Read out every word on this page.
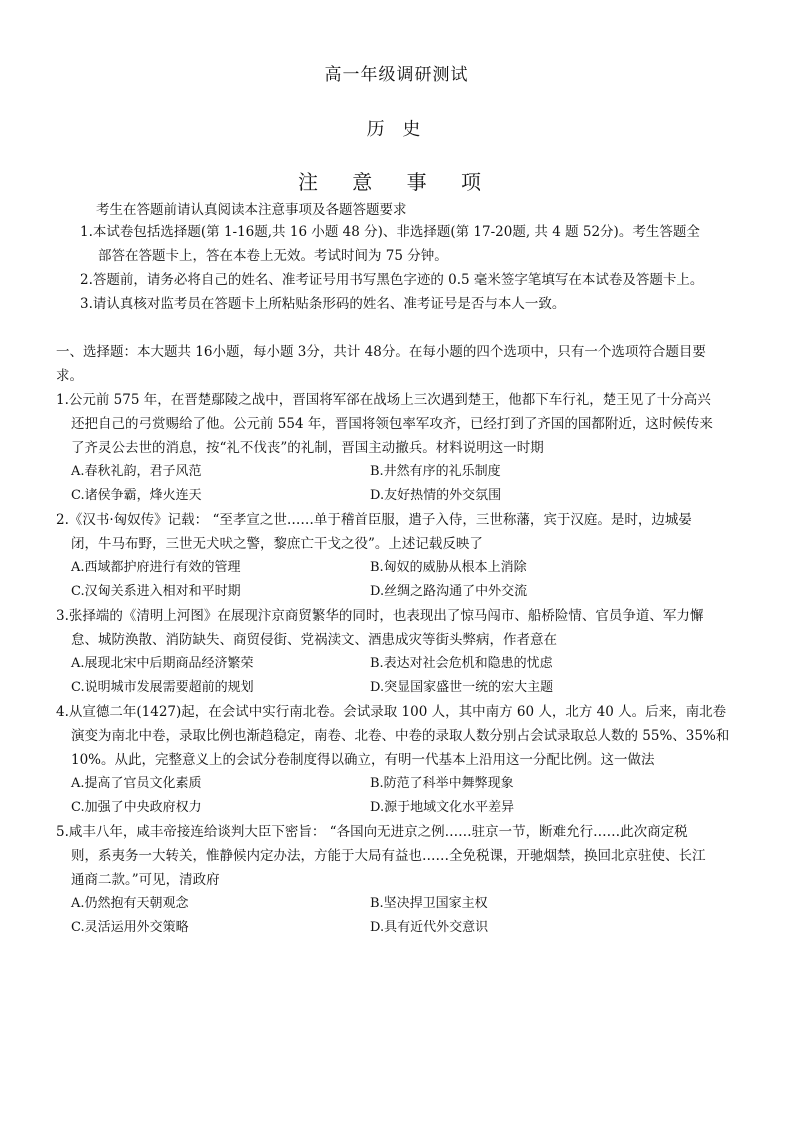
高一年级调研测试
历 史
注 意 事 项
考生在答题前请认真阅读本注意事项及各题答题要求

1.本试卷包括选择题(第 1-16题,共 16 小题 48 分)、非选择题(第 17-20题, 共 4 题 52分)。考生答题全
部答在答题卡上，答在本卷上无效。考试时间为 75 分钟。

2.答题前，请务必将自己的姓名、准考证号用书写黑色字迹的 0.5 毫米签字笔填写在本试卷及答题卡上。

3.请认真核对监考员在答题卡上所粘贴条形码的姓名、准考证号是否与本人一致。

一、选择题：本大题共 16小题，每小题 3分，共计 48分。在每小题的四个选项中，只有一个选项符合题目要
求。
1.公元前 575 年，在晋楚鄢陵之战中，晋国将军郤在战场上三次遇到楚王，他都下车行礼，楚王见了十分高兴
还把自己的弓赏赐给了他。公元前 554 年，晋国将领包率军攻齐，已经打到了齐国的国都附近，这时候传来
了齐灵公去世的消息，按“礼不伐丧”的礼制，晋国主动撤兵。材料说明这一时期
A.春秋礼韵，君子风范	B.井然有序的礼乐制度
C.诸侯争霸，烽火连天	D.友好热情的外交氛围
2.《汉书·匈奴传》记载： “至孝宣之世……单于稽首臣服，遣子入侍，三世称藩，宾于汉庭。是时，边城晏
闭，牛马布野，三世无犬吠之警，黎庶亡干戈之役”。上述记载反映了
A.西域都护府进行有效的管理	B.匈奴的威胁从根本上消除
C.汉匈关系进入相对和平时期	D.丝绸之路沟通了中外交流
3.张择端的《清明上河图》在展现汴京商贸繁华的同时，也表现出了惊马闯市、船桥险情、官员争道、军力懈
怠、城防涣散、消防缺失、商贸侵街、党祸渎文、酒患成灾等街头弊病，作者意在
A.展现北宋中后期商品经济繁荣	B.表达对社会危机和隐患的忧虑
C.说明城市发展需要超前的规划	D.突显国家盛世一统的宏大主题
4.从宣德二年(1427)起，在会试中实行南北卷。会试录取 100 人，其中南方 60 人，北方 40 人。后来，南北卷
演变为南北中卷，录取比例也渐趋稳定，南卷、北卷、中卷的录取人数分别占会试录取总人数的 55%、35%和
10%。从此，完整意义上的会试分卷制度得以确立，有明一代基本上沿用这一分配比例。这一做法
A.提高了官员文化素质	B.防范了科举中舞弊现象
C.加强了中央政府权力	D.源于地域文化水平差异
5.咸丰八年，咸丰帝接连给谈判大臣下密旨： “各国向无进京之例……驻京一节，断难允行……此次商定税
则，系夷务一大转关，惟静候内定办法，方能于大局有益也……全免税课，开驰烟禁，换回北京驻使、长江
通商二款。”可见，清政府
A.仍然抱有天朝观念	B.坚决捍卫国家主权
C.灵活运用外交策略	D.具有近代外交意识
